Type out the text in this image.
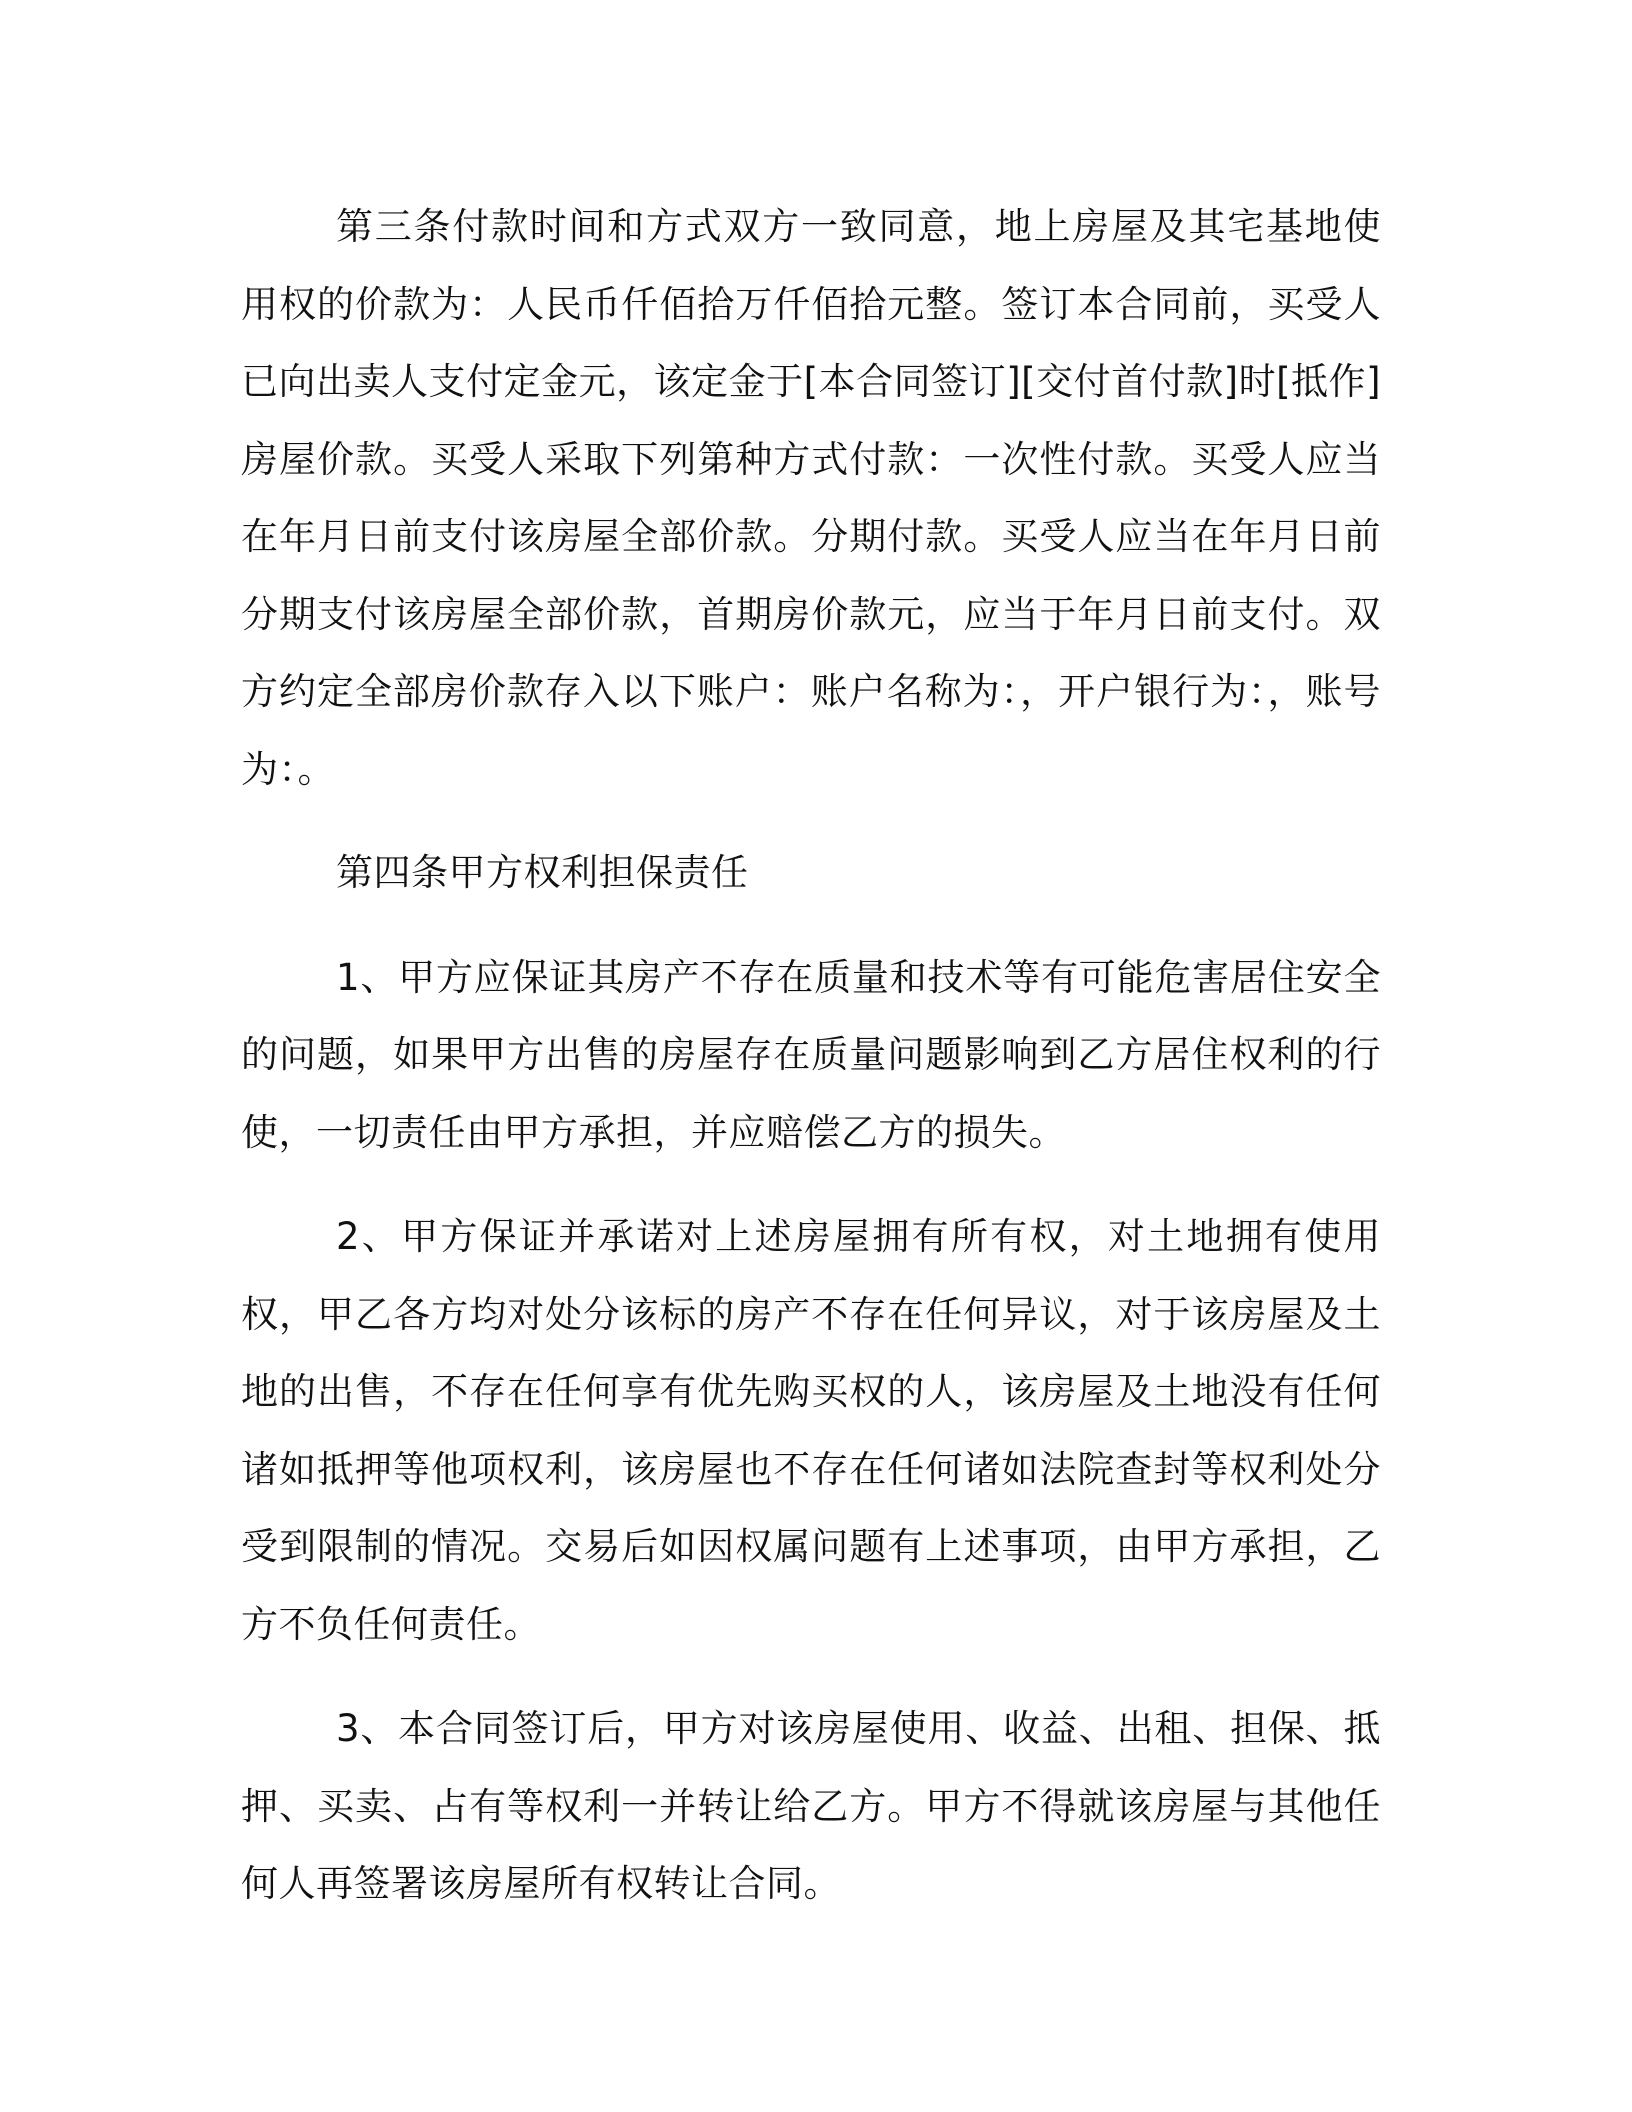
第三条付款时间和方式双方一致同意，地上房屋及其宅基地使用权的价款为：人民币仟佰拾万仟佰拾元整。签订本合同前，买受人已向出卖人支付定金元，该定金于[本合同签订][交付首付款]时[抵作]房屋价款。买受人采取下列第种方式付款：一次性付款。买受人应当在年月日前支付该房屋全部价款。分期付款。买受人应当在年月日前分期支付该房屋全部价款，首期房价款元，应当于年月日前支付。双方约定全部房价款存入以下账户：账户名称为：，开户银行为：，账号为：。

第四条甲方权利担保责任

1、甲方应保证其房产不存在质量和技术等有可能危害居住安全的问题，如果甲方出售的房屋存在质量问题影响到乙方居住权利的行使，一切责任由甲方承担，并应赔偿乙方的损失。

2、甲方保证并承诺对上述房屋拥有所有权，对土地拥有使用权，甲乙各方均对处分该标的房产不存在任何异议，对于该房屋及土地的出售，不存在任何享有优先购买权的人，该房屋及土地没有任何诸如抵押等他项权利，该房屋也不存在任何诸如法院查封等权利处分受到限制的情况。交易后如因权属问题有上述事项，由甲方承担，乙方不负任何责任。

3、本合同签订后，甲方对该房屋使用、收益、出租、担保、抵押、买卖、占有等权利一并转让给乙方。甲方不得就该房屋与其他任何人再签署该房屋所有权转让合同。
